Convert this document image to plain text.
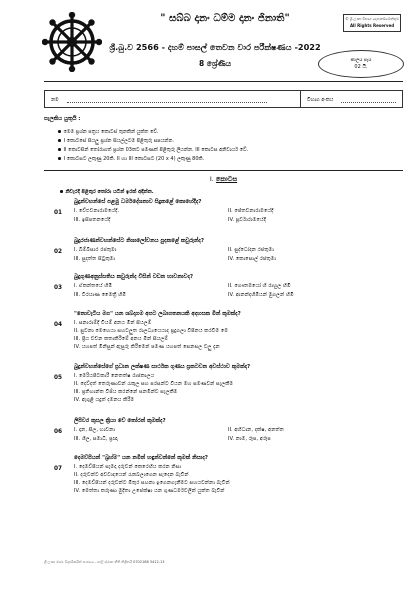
" සබ්බ දානං ධම්ම දානං ජිනාති"	© ශ්‍රී ලංකා විභාග දෙපාර්තමේන්තුව
All Rights Reserved
ශ්‍රී.බු.ව 2566 - දහම් පාසල් තෙවන වාර පරීක්ෂණය -2022
කාලය පැය
02 යි.
8 ශ්‍රේණිය
නම	විභාග අංකය
සැලකිය යුතුයි :
මෙම ප්‍රශ්න පත්‍රය කොටස් තුනකින් යුක්ත වේ.
I කොටසේ සියලු ප්‍රශ්න සියල්ලටම පිළිතුරු සපයන්න.
II කොටසින් තෝරාගත් ප්‍රශ්න 03කට පමණක් පිළිතුරු ලියන්න. III කොටස අනිවාර්ය වේ.
I කොටසට ලකුණු 20කි. II හා III කොටසට (20 x 4) ලකුණු 80කි.
I. කොටස
නිවැරදි පිළිතුර තෝරා යටින් ඉරක් අඳින්න.
01
බුදුන්වහන්සේ පළමු ධර්මදේශනාව සිදුකළේ කොහේදීද?
I. වේළුවනාරාමයේදී.	II. ජේතවනාරාමයේදී
III. ඉසිපතනයේදී	IV. පූර්වාරාමයේදී
02
බුදුරජාණන්වහන්සේට නිශාලෝචනය පුදකළේ කවුරුන්ද?
I. බිම්බිසාර රජතුමා	II. සුද්ධෝදන රජතුමා
III. සුදත්ත සිටුතුමා	IV. කොසොල් රජතුමා
03
බුදුගුණඅනුස්සතිය කවුරුන්ද විසින් වඩන භාවනාවද?
I. ඒකන්තයේ හිමි	II. ගෞතමයෝ හි රාහුල හිමි
III. වීරයාණ මෛත්‍රී හිමි	IV. ආනන්දහිමියන් මුගලන් හිමි
04
"නොවැටිය මග" යන ශබ්දාගම අපට ලබාගතනයකි අදහසක මින් කුමක්ද?
I. සනාරාම්දී වියම් අනය මින් සියලම්
II. සුවනා මෙහෙයා සහටලුත රාලධ්‍යයෙයාද ප්‍රදුගලා විපිනය කරවීම මෙ
III. ප්‍රිය වචන කතාකිරීමේ අනය මින් සියලම්
IV. යහපත් මිනිසුන් ඇසුරු කිරීමෙන් පමණ යහපත් සෙනසල වලු දැන
05
බුදුන්වහන්සේගේ ප්‍රධාන ලක්ෂණ සාර්ථක ගුණය ප්‍රකටවන අවස්ථාව කුමක්ද?
I. මෙරියපිටකාරී නෙතත්ෂ රාජකාලය
II. දෙව්දත් තෙරුණාවන් රැකුල සහ පරසන්ට වියන මහ සමණවන් සැලකීම
III. ප්‍රතිහාන්ත විජිය කරන්නේ ඝනමීන්ව සැලකීම
IV. ඇගුළි යදුත් දමනය කිරීම
06
ලිපිවර කුසල ක්‍රියා වේ තෝරන් කුමක්ද?
I. දාන, සීල, භාවනා	II. අභිධාන, දක්ෂ, අනත්ත
III. ශීල, සමාධි, ප්‍රඥා	IV. නාම, රූප, අරූප
07
දෙමව්පියන් "බ්‍රහ්ම" යන නමින් හඳුන්වන්නේ කුමක් නිසාද?
I. දෙමව්පියන් සැමදා දරුවන් කෙරෙහිය කරන නිසා
II. දරුවන්ට අවවාදයෙන් රැකබලාගෙන සැදෙන බැවින්
III. දෙමව්පියන් දරුවන්ට මිතුර සහනා ඉගෙනගැනීමට සහයවන්නා බැවින්
IV. මෙත්තා කරුණා මුදිතා උපේක්ෂා යන ගුණධර්මවලින් යුක්ත බැවින්
ශ්‍රී ලංකා රාජ්‍ය විශ්‍රාමිකයින් සංගමය - පාලි ස්ථාන නීති නිශ්‍රිතයි 0702168 3412-13
